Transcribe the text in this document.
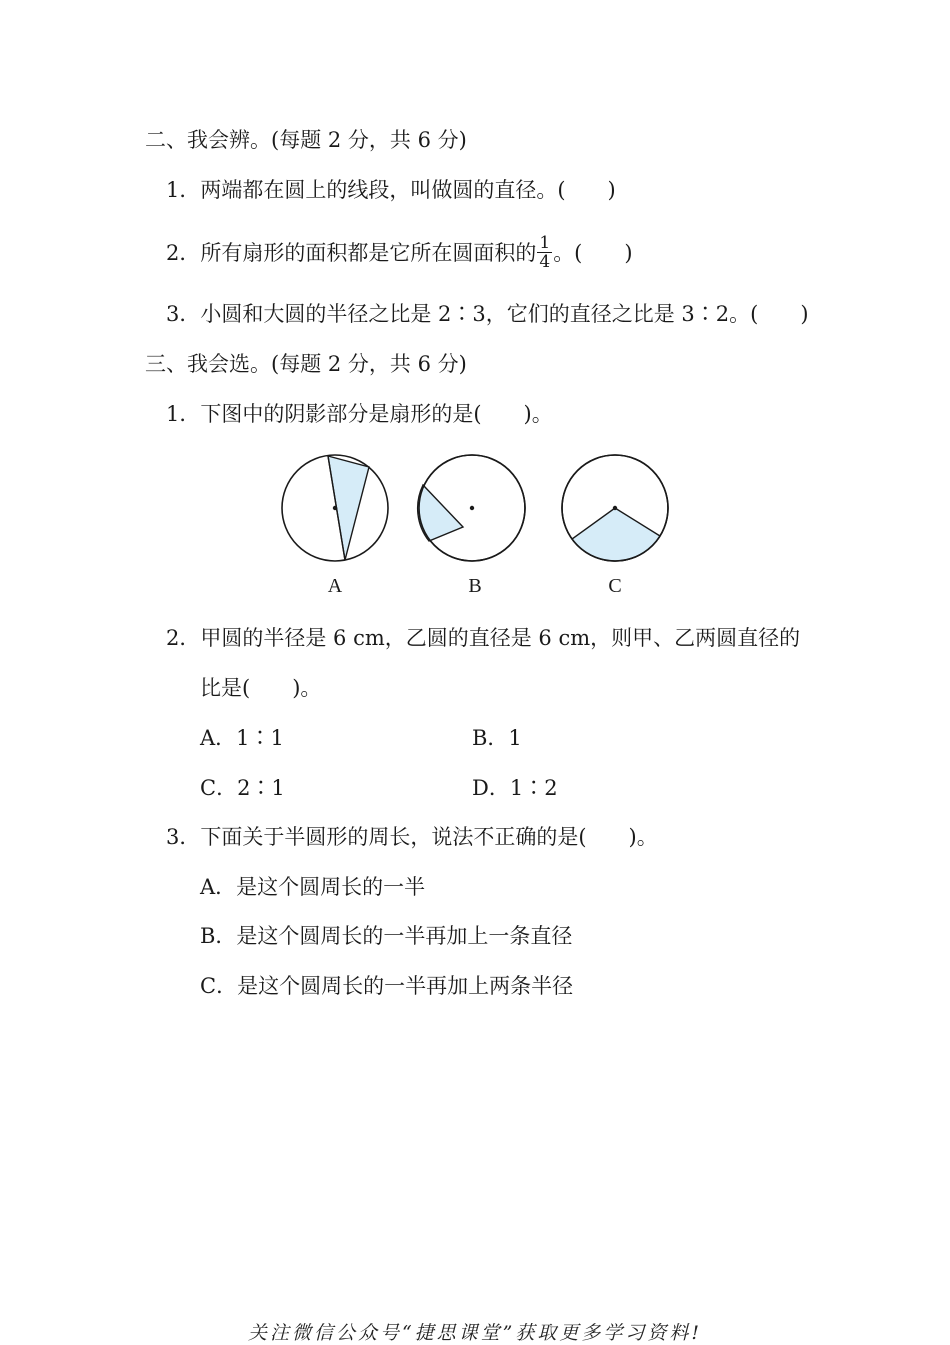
二、我会辨。(每题 2 分，共 6 分)
1．两端都在圆上的线段，叫做圆的直径。(　　)
2．所有扇形的面积都是它所在圆面积的 $\frac{1}{4}$ 。(　　)
3．小圆和大圆的半径之比是 2∶3，它们的直径之比是 3∶2。(　　)
三、我会选。(每题 2 分，共 6 分)
1．下图中的阴影部分是扇形的是(　　)。
A	B	C
2．甲圆的半径是 6 cm，乙圆的直径是 6 cm，则甲、乙两圆直径的
比是(　　)。
A．1∶1	B．1
C．2∶1	D．1∶2
3．下面关于半圆形的周长，说法不正确的是(　　)。
A．是这个圆周长的一半
B．是这个圆周长的一半再加上一条直径
C．是这个圆周长的一半再加上两条半径
关注微信公众号“捷思课堂”获取更多学习资料!
